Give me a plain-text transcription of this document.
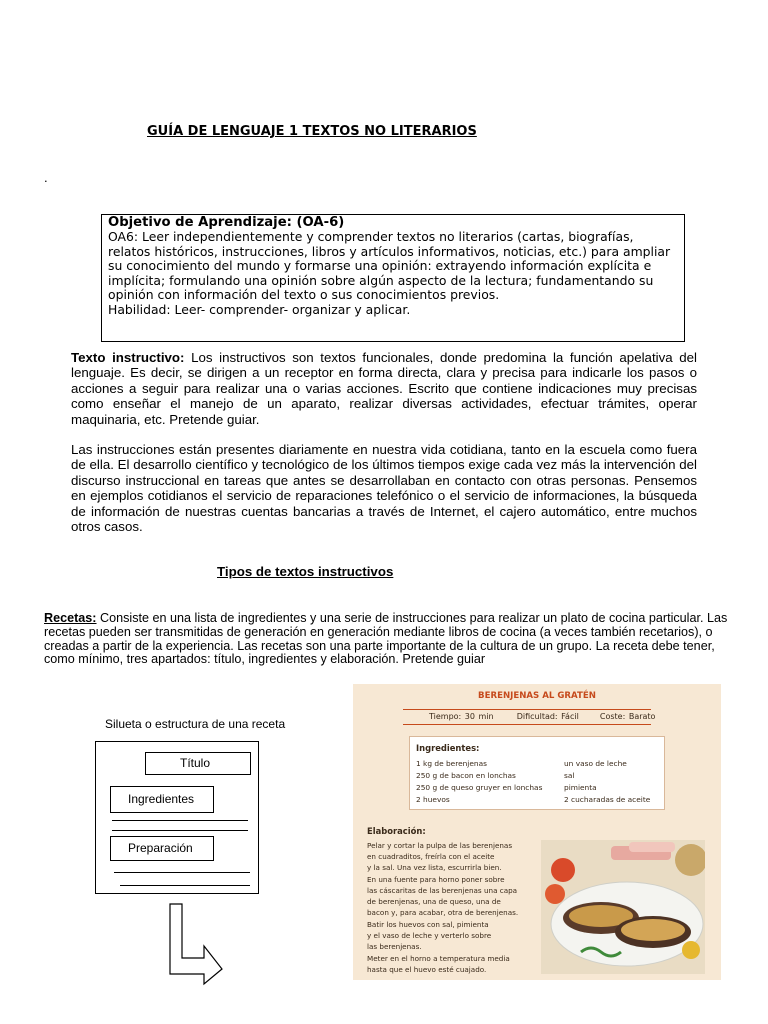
GUÍA DE LENGUAJE 1 TEXTOS NO LITERARIOS
.
Objetivo de Aprendizaje: (OA-6)

OA6: Leer independientemente y comprender textos no literarios (cartas, biografías, relatos históricos, instrucciones, libros y artículos informativos, noticias, etc.) para ampliar su conocimiento del mundo y formarse una opinión: extrayendo información explícita e implícita; formulando una opinión sobre algún aspecto de la lectura; fundamentando su opinión con información del texto o sus conocimientos previos.

Habilidad: Leer- comprender- organizar y aplicar.

Texto instructivo: Los instructivos son textos funcionales, donde predomina la función apelativa del lenguaje. Es decir, se dirigen a un receptor en forma directa, clara y precisa para indicarle los pasos o acciones a seguir para realizar una o varias acciones. Escrito que contiene indicaciones muy precisas como enseñar el manejo de un aparato, realizar diversas actividades, efectuar trámites, operar maquinaria, etc. Pretende guiar.

Las instrucciones están presentes diariamente en nuestra vida cotidiana, tanto en la escuela como fuera de ella. El desarrollo científico y tecnológico de los últimos tiempos exige cada vez más la intervención del discurso instruccional en tareas que antes se desarrollaban en contacto con otras personas. Pensemos en ejemplos cotidianos el servicio de reparaciones telefónico o el servicio de informaciones, la búsqueda de información de nuestras cuentas bancarias a través de Internet, el cajero automático, entre muchos otros casos.

Tipos de textos instructivos

Recetas: Consiste en una lista de ingredientes y una serie de instrucciones para realizar un plato de cocina particular. Las recetas pueden ser transmitidas de generación en generación mediante libros de cocina (a veces también recetarios), o creadas a partir de la experiencia. Las recetas son una parte importante de la cultura de un grupo. La receta debe tener, como mínimo, tres apartados: título, ingredientes y elaboración. Pretende guiar

Silueta o estructura de una receta
Título
Ingredientes
Preparación
BERENJENAS AL GRATÉN
Tiempo: 30 min	Dificultad: Fácil	Coste: Barato
Ingredientes:
1 kg de berenjenas
250 g de bacon en lonchas
250 g de queso gruyer en lonchas
2 huevos
un vaso de leche
sal
pimienta
2 cucharadas de aceite
Elaboración:
Pelar y cortar la pulpa de las berenjenas
en cuadraditos, freírla con el aceite
y la sal. Una vez lista, escurrirla bien.
En una fuente para horno poner sobre
las cáscaritas de las berenjenas una capa
de berenjenas, una de queso, una de
bacon y, para acabar, otra de berenjenas.
Batir los huevos con sal, pimienta
y el vaso de leche y verterlo sobre
las berenjenas.
Meter en el horno a temperatura media
hasta que el huevo esté cuajado.
